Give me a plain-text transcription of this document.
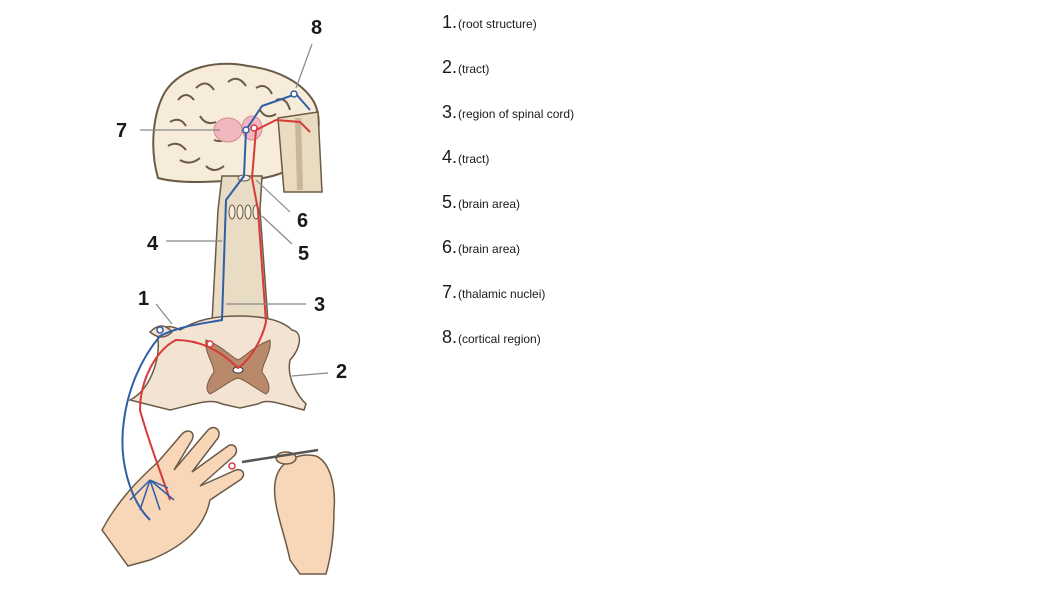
8
7
6
4	5
1	3
2
1. (root structure)
2. (tract)
3. (region of spinal cord)
4. (tract)
5. (brain area)
6. (brain area)
7. (thalamic nuclei)
8. (cortical region)
